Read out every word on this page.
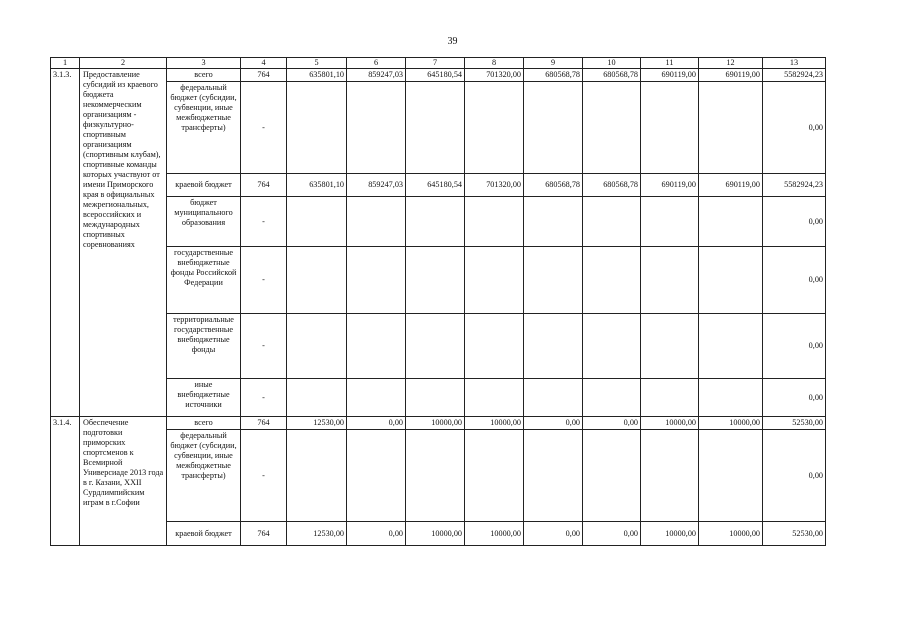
39
1	2	3	4	5	6	7	8	9	10	11	12	13
3.1.3.	Предоставление субсидий из краевого бюджета некоммерческим организациям - физкультурно-спортивным организациям (спортивным клубам), спортивные команды которых участвуют от имени Приморского края в официальных межрегиональных, всероссийских и международных спортивных соревнованиях	всего	764	635801,10	859247,03	645180,54	701320,00	680568,78	680568,78	690119,00	690119,00	5582924,23
		федеральный бюджет (субсидии, субвенции, иные межбюджетные трансферты)	-									0,00
		краевой бюджет	764	635801,10	859247,03	645180,54	701320,00	680568,78	680568,78	690119,00	690119,00	5582924,23
		бюджет муниципального образования	-									0,00
		государственные внебюджетные фонды Российской Федерации	-									0,00
		территориальные государственные внебюджетные фонды	-									0,00
		иные внебюджетные источники	-									0,00
3.1.4.	Обеспечение подготовки приморских спортсменов к Всемирной Универсиаде 2013 года в г. Казани, XXII Сурдлимпийским играм в г.Софии	всего	764	12530,00	0,00	10000,00	10000,00	0,00	0,00	10000,00	10000,00	52530,00
		федеральный бюджет (субсидии, субвенции, иные межбюджетные трансферты)	-									0,00
		краевой бюджет	764	12530,00	0,00	10000,00	10000,00	0,00	0,00	10000,00	10000,00	52530,00
